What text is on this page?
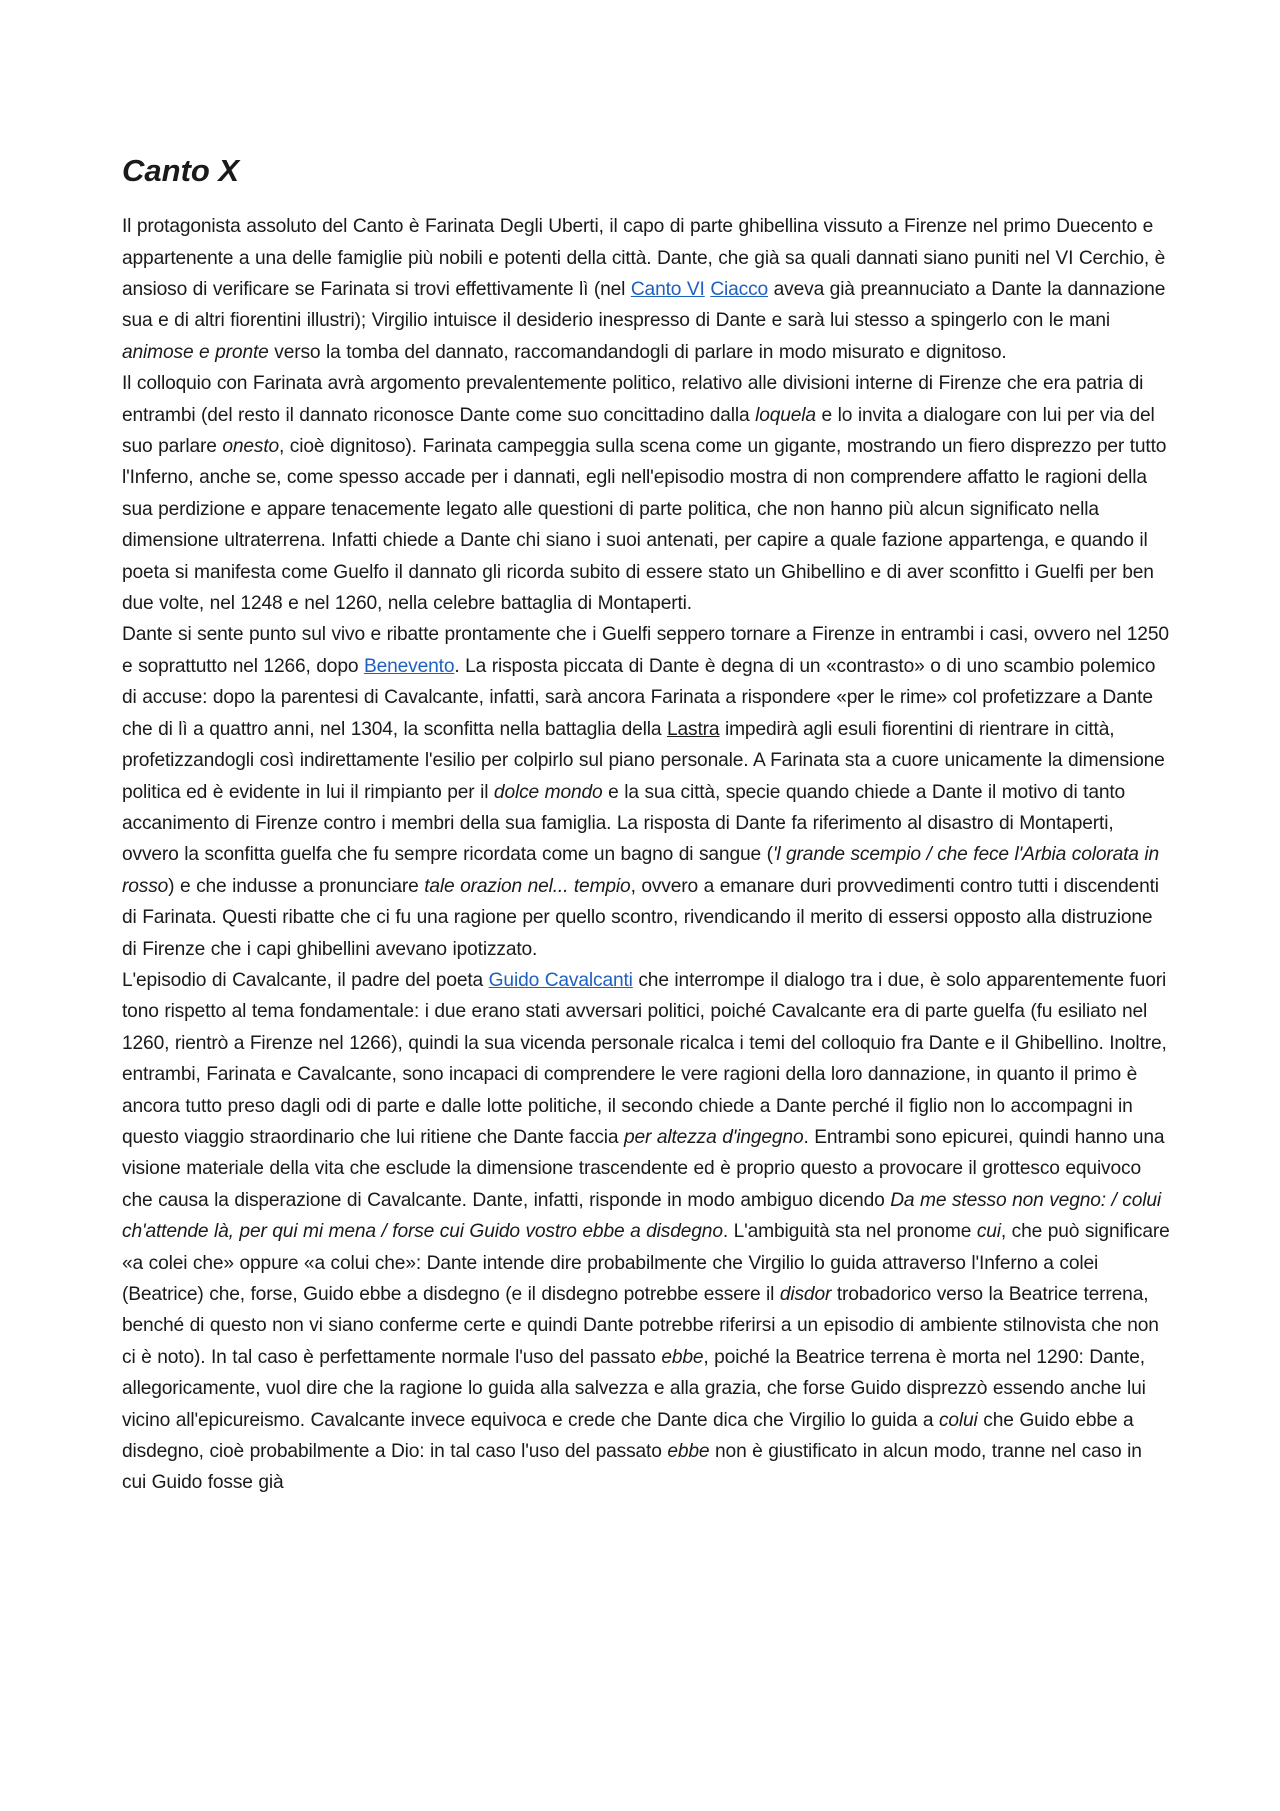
Canto X

Il protagonista assoluto del Canto è Farinata Degli Uberti, il capo di parte ghibellina vissuto a Firenze nel primo Duecento e appartenente a una delle famiglie più nobili e potenti della città. Dante, che già sa quali dannati siano puniti nel VI Cerchio, è ansioso di verificare se Farinata si trovi effettivamente lì (nel Canto VI Ciacco aveva già preannuciato a Dante la dannazione sua e di altri fiorentini illustri); Virgilio intuisce il desiderio inespresso di Dante e sarà lui stesso a spingerlo con le mani animose e pronte verso la tomba del dannato, raccomandandogli di parlare in modo misurato e dignitoso.

Il colloquio con Farinata avrà argomento prevalentemente politico, relativo alle divisioni interne di Firenze che era patria di entrambi (del resto il dannato riconosce Dante come suo concittadino dalla loquela e lo invita a dialogare con lui per via del suo parlare onesto, cioè dignitoso). Farinata campeggia sulla scena come un gigante, mostrando un fiero disprezzo per tutto l'Inferno, anche se, come spesso accade per i dannati, egli nell'episodio mostra di non comprendere affatto le ragioni della sua perdizione e appare tenacemente legato alle questioni di parte politica, che non hanno più alcun significato nella dimensione ultraterrena. Infatti chiede a Dante chi siano i suoi antenati, per capire a quale fazione appartenga, e quando il poeta si manifesta come Guelfo il dannato gli ricorda subito di essere stato un Ghibellino e di aver sconfitto i Guelfi per ben due volte, nel 1248 e nel 1260, nella celebre battaglia di Montaperti.

Dante si sente punto sul vivo e ribatte prontamente che i Guelfi seppero tornare a Firenze in entrambi i casi, ovvero nel 1250 e soprattutto nel 1266, dopo Benevento. La risposta piccata di Dante è degna di un «contrasto» o di uno scambio polemico di accuse: dopo la parentesi di Cavalcante, infatti, sarà ancora Farinata a rispondere «per le rime» col profetizzare a Dante che di lì a quattro anni, nel 1304, la sconfitta nella battaglia della Lastra impedirà agli esuli fiorentini di rientrare in città, profetizzandogli così indirettamente l'esilio per colpirlo sul piano personale. A Farinata sta a cuore unicamente la dimensione politica ed è evidente in lui il rimpianto per il dolce mondo e la sua città, specie quando chiede a Dante il motivo di tanto accanimento di Firenze contro i membri della sua famiglia. La risposta di Dante fa riferimento al disastro di Montaperti, ovvero la sconfitta guelfa che fu sempre ricordata come un bagno di sangue ('l grande scempio / che fece l'Arbia colorata in rosso) e che indusse a pronunciare tale orazion nel... tempio, ovvero a emanare duri provvedimenti contro tutti i discendenti di Farinata. Questi ribatte che ci fu una ragione per quello scontro, rivendicando il merito di essersi opposto alla distruzione di Firenze che i capi ghibellini avevano ipotizzato.

L'episodio di Cavalcante, il padre del poeta Guido Cavalcanti che interrompe il dialogo tra i due, è solo apparentemente fuori tono rispetto al tema fondamentale: i due erano stati avversari politici, poiché Cavalcante era di parte guelfa (fu esiliato nel 1260, rientrò a Firenze nel 1266), quindi la sua vicenda personale ricalca i temi del colloquio fra Dante e il Ghibellino. Inoltre, entrambi, Farinata e Cavalcante, sono incapaci di comprendere le vere ragioni della loro dannazione, in quanto il primo è ancora tutto preso dagli odi di parte e dalle lotte politiche, il secondo chiede a Dante perché il figlio non lo accompagni in questo viaggio straordinario che lui ritiene che Dante faccia per altezza d'ingegno. Entrambi sono epicurei, quindi hanno una visione materiale della vita che esclude la dimensione trascendente ed è proprio questo a provocare il grottesco equivoco che causa la disperazione di Cavalcante. Dante, infatti, risponde in modo ambiguo dicendo Da me stesso non vegno: / colui ch'attende là, per qui mi mena / forse cui Guido vostro ebbe a disdegno. L'ambiguità sta nel pronome cui, che può significare «a colei che» oppure «a colui che»: Dante intende dire probabilmente che Virgilio lo guida attraverso l'Inferno a colei (Beatrice) che, forse, Guido ebbe a disdegno (e il disdegno potrebbe essere il disdor trobadorico verso la Beatrice terrena, benché di questo non vi siano conferme certe e quindi Dante potrebbe riferirsi a un episodio di ambiente stilnovista che non ci è noto). In tal caso è perfettamente normale l'uso del passato ebbe, poiché la Beatrice terrena è morta nel 1290: Dante, allegoricamente, vuol dire che la ragione lo guida alla salvezza e alla grazia, che forse Guido disprezzò essendo anche lui vicino all'epicureismo. Cavalcante invece equivoca e crede che Dante dica che Virgilio lo guida a colui che Guido ebbe a disdegno, cioè probabilmente a Dio: in tal caso l'uso del passato ebbe non è giustificato in alcun modo, tranne nel caso in cui Guido fosse già
